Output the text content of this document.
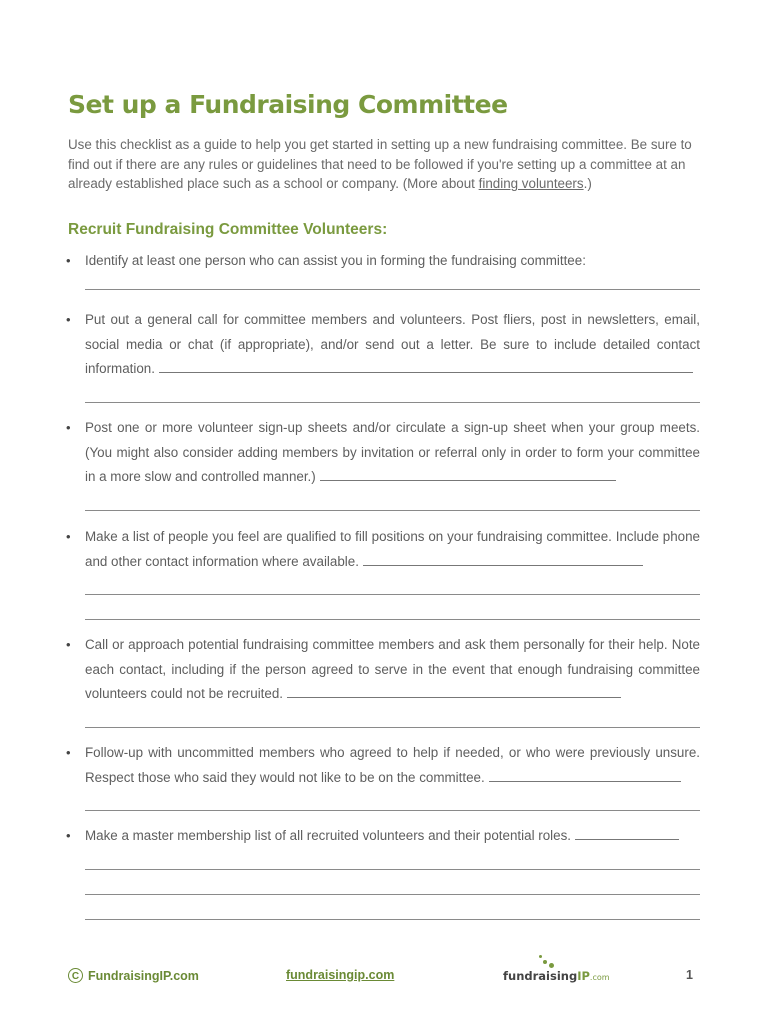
Set up a Fundraising Committee

Use this checklist as a guide to help you get started in setting up a new fundraising committee. Be sure to find out if there are any rules or guidelines that need to be followed if you're setting up a committee at an already established place such as a school or company. (More about finding volunteers.)

Recruit Fundraising Committee Volunteers:
• Identify at least one person who can assist you in forming the fundraising committee:
• Put out a general call for committee members and volunteers. Post fliers, post in newsletters, email, social media or chat (if appropriate), and/or send out a letter. Be sure to include detailed contact information.
• Post one or more volunteer sign-up sheets and/or circulate a sign-up sheet when your group meets. (You might also consider adding members by invitation or referral only in order to form your committee in a more slow and controlled manner.)
• Make a list of people you feel are qualified to fill positions on your fundraising committee. Include phone and other contact information where available.
• Call or approach potential fundraising committee members and ask them personally for their help. Note each contact, including if the person agreed to serve in the event that enough fundraising committee volunteers could not be recruited.
• Follow-up with uncommitted members who agreed to help if needed, or who were previously unsure. Respect those who said they would not like to be on the committee.
• Make a master membership list of all recruited volunteers and their potential roles.
C FundraisingIP.com	fundraisingip.com	fundraisingIP.com	1
